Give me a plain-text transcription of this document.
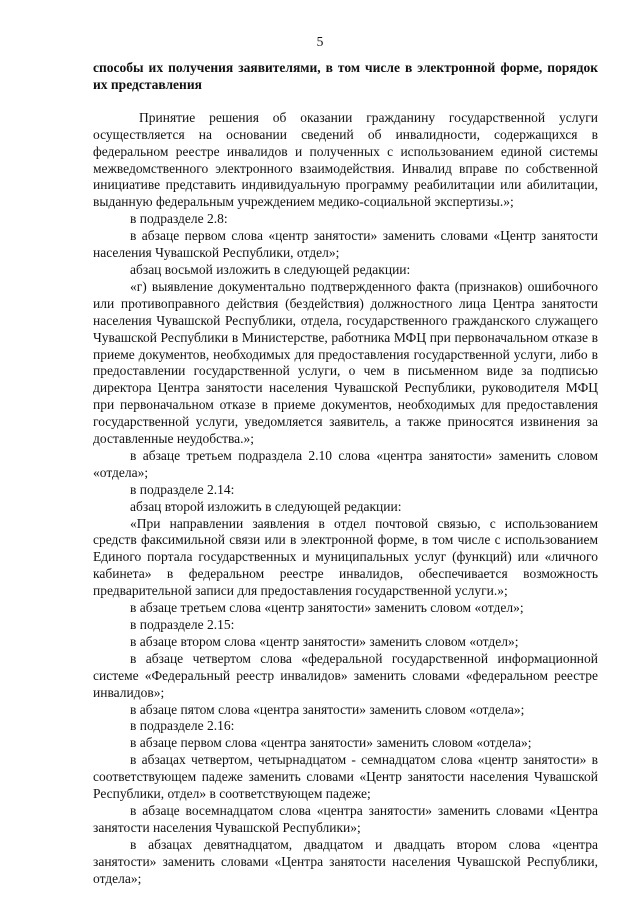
5

способы их получения заявителями, в том числе в электронной форме, порядок их представления

Принятие решения об оказании гражданину государственной услуги осуществляется на основании сведений об инвалидности, содержащихся в федеральном реестре инвалидов и полученных с использованием единой системы межведомственного электронного взаимодействия. Инвалид вправе по собственной инициативе представить индивидуальную программу реабилитации или абилитации, выданную федеральным учреждением медико-социальной экспертизы.»;

в подразделе 2.8:

в абзаце первом слова «центр занятости» заменить словами «Центр занятости населения Чувашской Республики, отдел»;

абзац восьмой изложить в следующей редакции:

«г) выявление документально подтвержденного факта (признаков) ошибочного или противоправного действия (бездействия) должностного лица Центра занятости населения Чувашской Республики, отдела, государственного гражданского служащего Чувашской Республики в Министерстве, работника МФЦ при первоначальном отказе в приеме документов, необходимых для предоставления государственной услуги, либо в предоставлении государственной услуги, о чем в письменном виде за подписью директора Центра занятости населения Чувашской Республики, руководителя МФЦ при первоначальном отказе в приеме документов, необходимых для предоставления государственной услуги, уведомляется заявитель, а также приносятся извинения за доставленные неудобства.»;

в абзаце третьем подраздела 2.10 слова «центра занятости» заменить словом «отдела»;

в подразделе 2.14:

абзац второй изложить в следующей редакции:

«При направлении заявления в отдел почтовой связью, с использованием средств факсимильной связи или в электронной форме, в том числе с использованием Единого портала государственных и муниципальных услуг (функций) или «личного кабинета» в федеральном реестре инвалидов, обеспечивается возможность предварительной записи для предоставления государственной услуги.»;

в абзаце третьем слова «центр занятости» заменить словом «отдел»;

в подразделе 2.15:

в абзаце втором слова «центр занятости» заменить словом «отдел»;

в абзаце четвертом слова «федеральной государственной информационной системе «Федеральный реестр инвалидов» заменить словами «федеральном реестре инвалидов»;

в абзаце пятом слова «центра занятости» заменить словом «отдела»;

в подразделе 2.16:

в абзаце первом слова «центра занятости» заменить словом «отдела»;

в абзацах четвертом, четырнадцатом - семнадцатом слова «центр занятости» в соответствующем падеже заменить словами «Центр занятости населения Чувашской Республики, отдел» в соответствующем падеже;

в абзаце восемнадцатом слова «центра занятости» заменить словами «Центра занятости населения Чувашской Республики»;

в абзацах девятнадцатом, двадцатом и двадцать втором слова «центра занятости» заменить словами «Центра занятости населения Чувашской Республики, отдела»;
